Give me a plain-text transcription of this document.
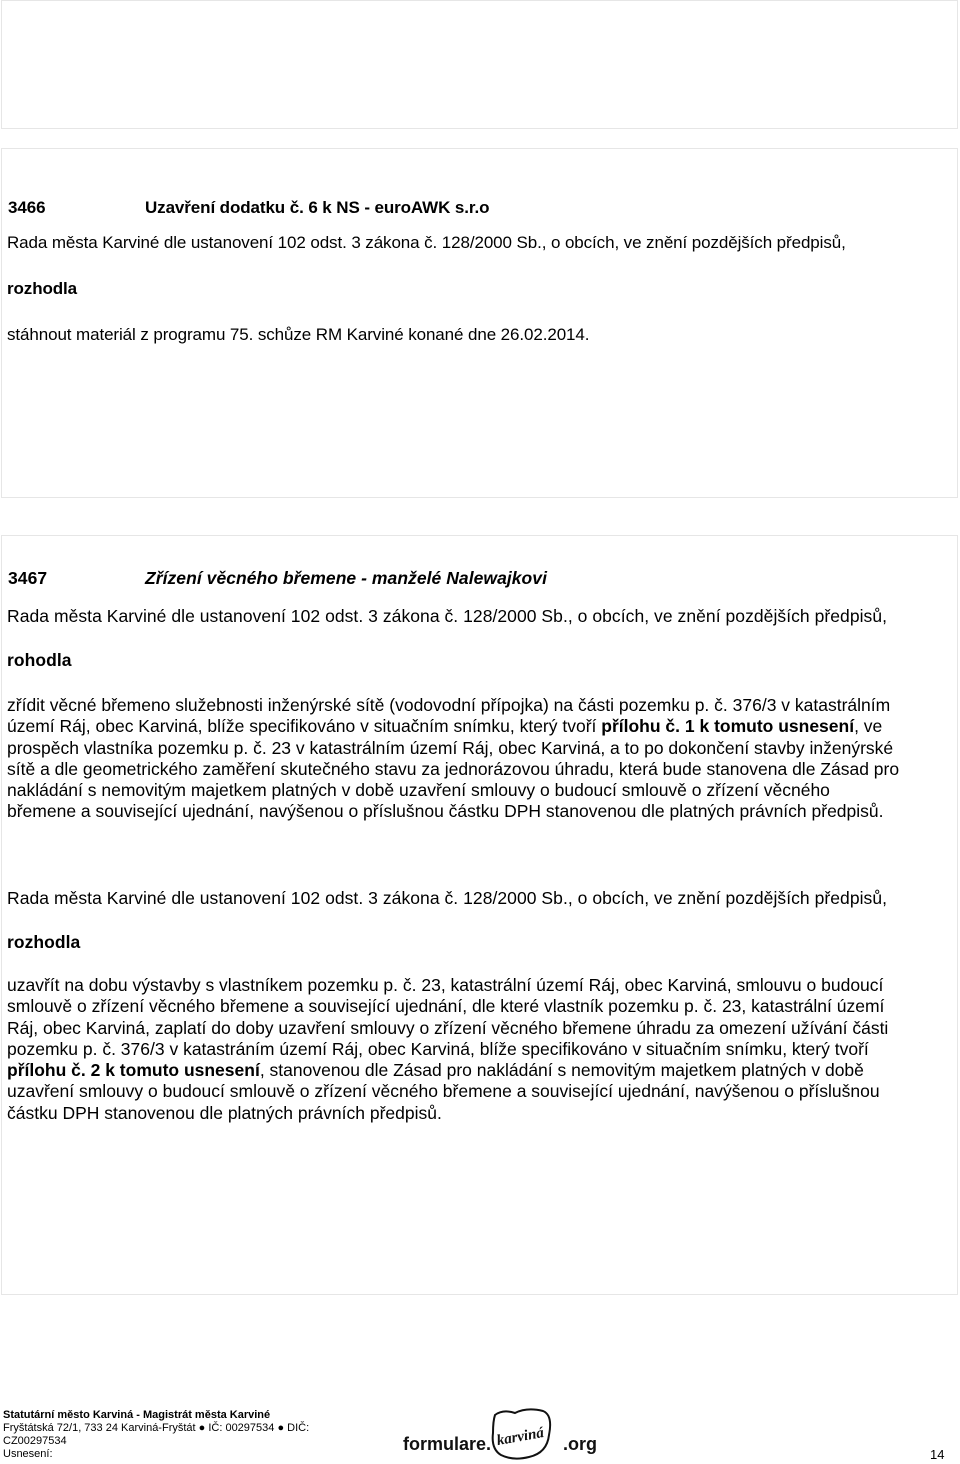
3466	Uzavření dodatku č. 6 k NS - euroAWK s.r.o
Rada města Karviné dle ustanovení 102 odst. 3 zákona č. 128/2000 Sb., o obcích, ve znění pozdějších předpisů,
rozhodla
stáhnout materiál z programu 75. schůze RM Karviné konané dne 26.02.2014.
3467	Zřízení věcného břemene - manželé Nalewajkovi
Rada města Karviné dle ustanovení 102 odst. 3 zákona č. 128/2000 Sb., o obcích, ve znění pozdějších předpisů,
rohodla
zřídit věcné břemeno služebnosti inženýrské sítě (vodovodní přípojka) na části pozemku p. č. 376/3 v katastrálním
území Ráj, obec Karviná, blíže specifikováno v situačním snímku, který tvoří přílohu č. 1 k tomuto usnesení, ve
prospěch vlastníka pozemku p. č. 23 v katastrálním území Ráj, obec Karviná, a to po dokončení stavby inženýrské
sítě a dle geometrického zaměření skutečného stavu za jednorázovou úhradu, která bude stanovena dle Zásad pro
nakládání s nemovitým majetkem platných v době uzavření smlouvy o budoucí smlouvě o zřízení věcného
břemene a související ujednání, navýšenou o příslušnou částku DPH stanovenou dle platných právních předpisů.
Rada města Karviné dle ustanovení 102 odst. 3 zákona č. 128/2000 Sb., o obcích, ve znění pozdějších předpisů,
rozhodla
uzavřít na dobu výstavby s vlastníkem pozemku p. č. 23, katastrální území Ráj, obec Karviná, smlouvu o budoucí
smlouvě o zřízení věcného břemene a související ujednání, dle které vlastník pozemku p. č. 23, katastrální území
Ráj, obec Karviná, zaplatí do doby uzavření smlouvy o zřízení věcného břemene úhradu za omezení užívání části
pozemku p. č. 376/3 v katastráním území Ráj, obec Karviná, blíže specifikováno v situačním snímku, který tvoří
přílohu č. 2 k tomuto usnesení, stanovenou dle Zásad pro nakládání s nemovitým majetkem platných v době
uzavření smlouvy o budoucí smlouvě o zřízení věcného břemene a související ujednání, navýšenou o příslušnou
částku DPH stanovenou dle platných právních předpisů.
Statutární město Karviná - Magistrát města Karviné
Fryštátská 72/1, 733 24 Karviná-Fryštát ● IČ: 00297534 ● DIČ:
CZ00297534
Usnesení:	formulare. karviná .org
14
